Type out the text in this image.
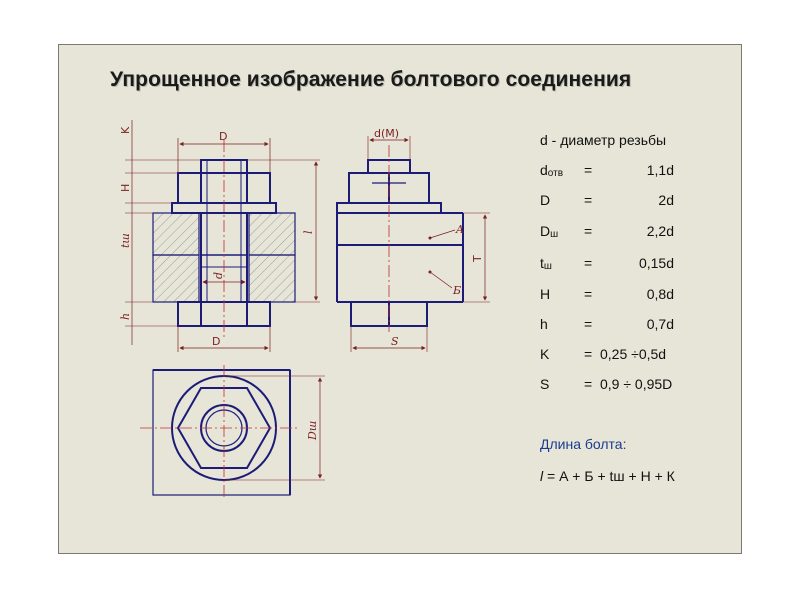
Упрощенное изображение болтового соединения
D
D
d
K
H
tш
h
l
d(M)
T
A
Б
S
Dш
d - диаметр резьбы
$d_{отв}$ =	1,1d
D =	2d
$D_ш$ =	2,2d
$t_ш$ =	0,15d
H =	0,8d
h	=	0,7d
K = 0,25 ÷0,5d
S = 0,9 ÷ 0,95D
Длина болта:
l = А + Б + tш + Н + К
